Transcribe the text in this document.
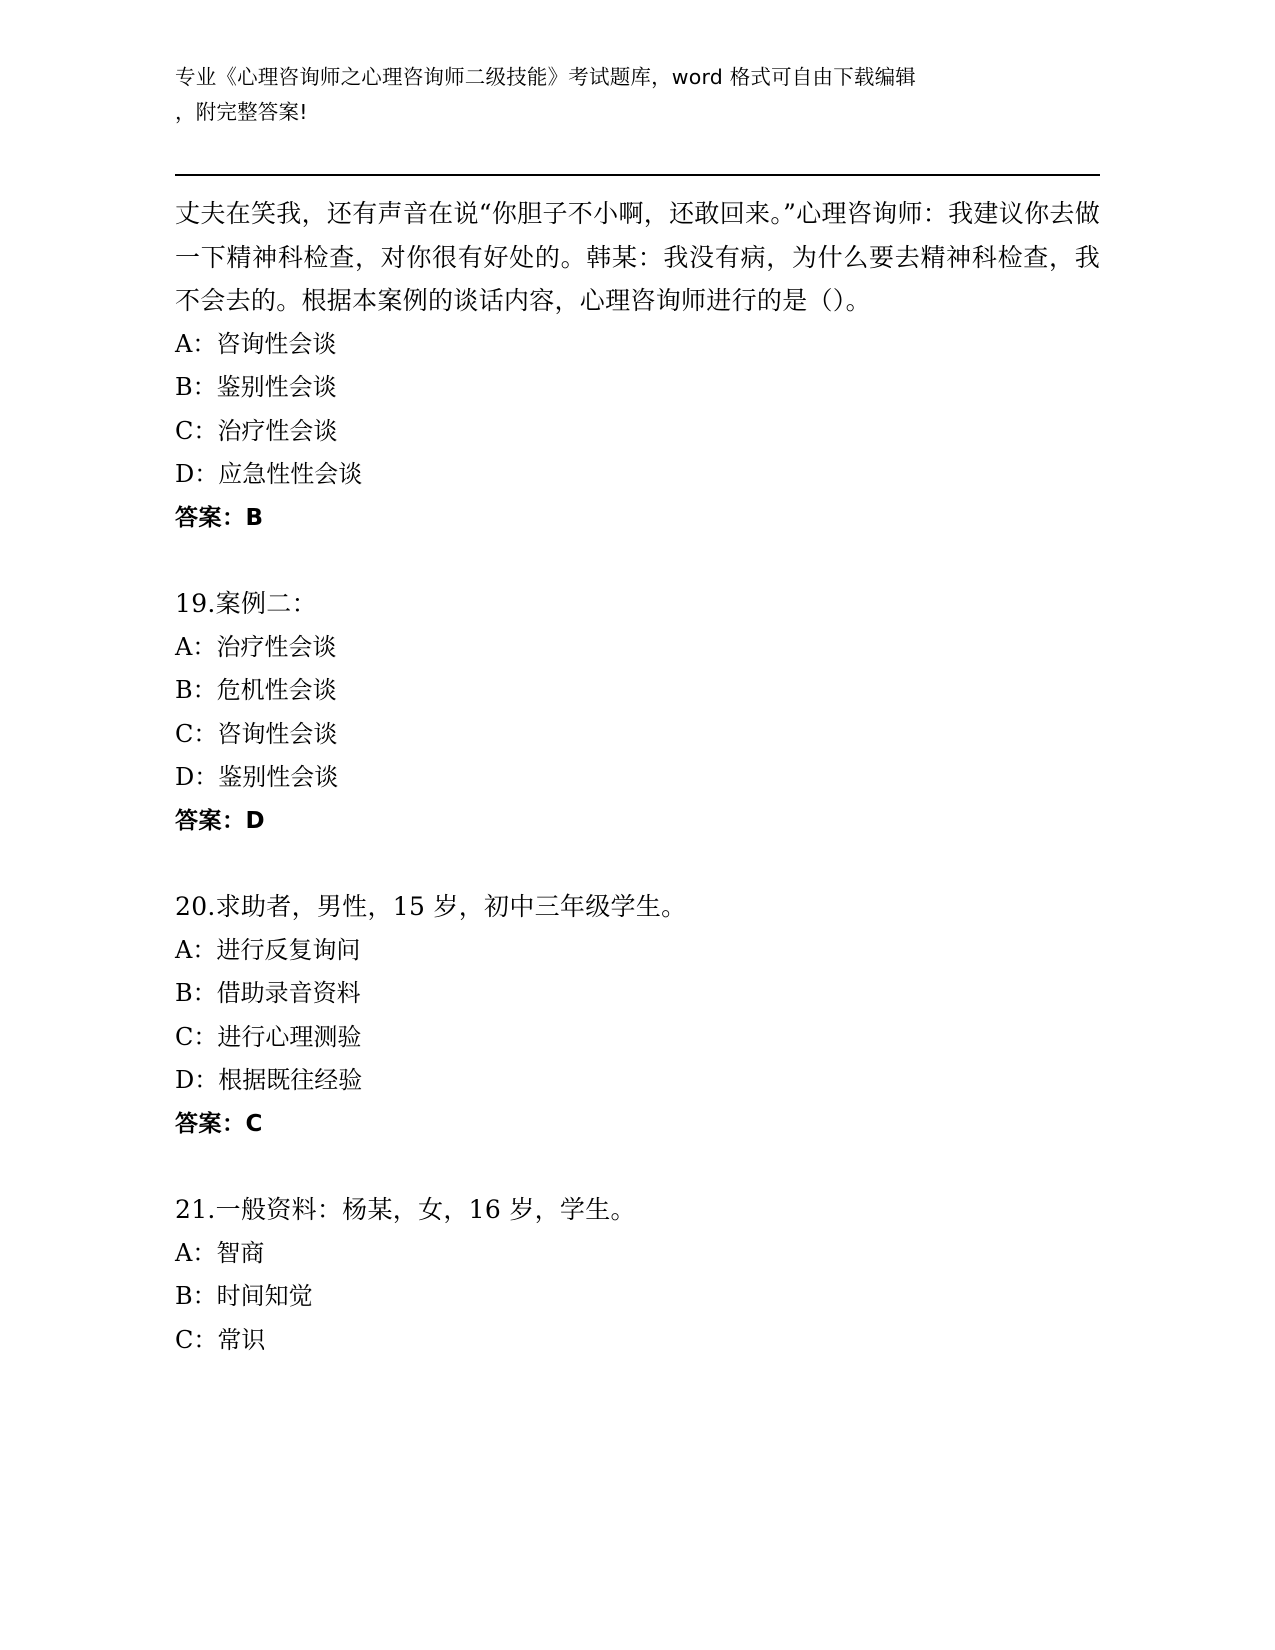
专业《心理咨询师之心理咨询师二级技能》考试题库，word 格式可自由下载编辑
，附完整答案!

丈夫在笑我，还有声音在说“你胆子不小啊，还敢回来。”心理咨询师：我建议你去做一下精神科检查，对你很有好处的。韩某：我没有病，为什么要去精神科检查，我不会去的。根据本案例的谈话内容，心理咨询师进行的是（）。

A：咨询性会谈

B：鉴别性会谈

C：治疗性会谈

D：应急性性会谈

答案：B

19.案例二：

A：治疗性会谈

B：危机性会谈

C：咨询性会谈

D：鉴别性会谈

答案：D

20.求助者，男性，15 岁，初中三年级学生。

A：进行反复询问

B：借助录音资料

C：进行心理测验

D：根据既往经验

答案：C

21.一般资料：杨某，女，16 岁，学生。

A：智商

B：时间知觉

C：常识
